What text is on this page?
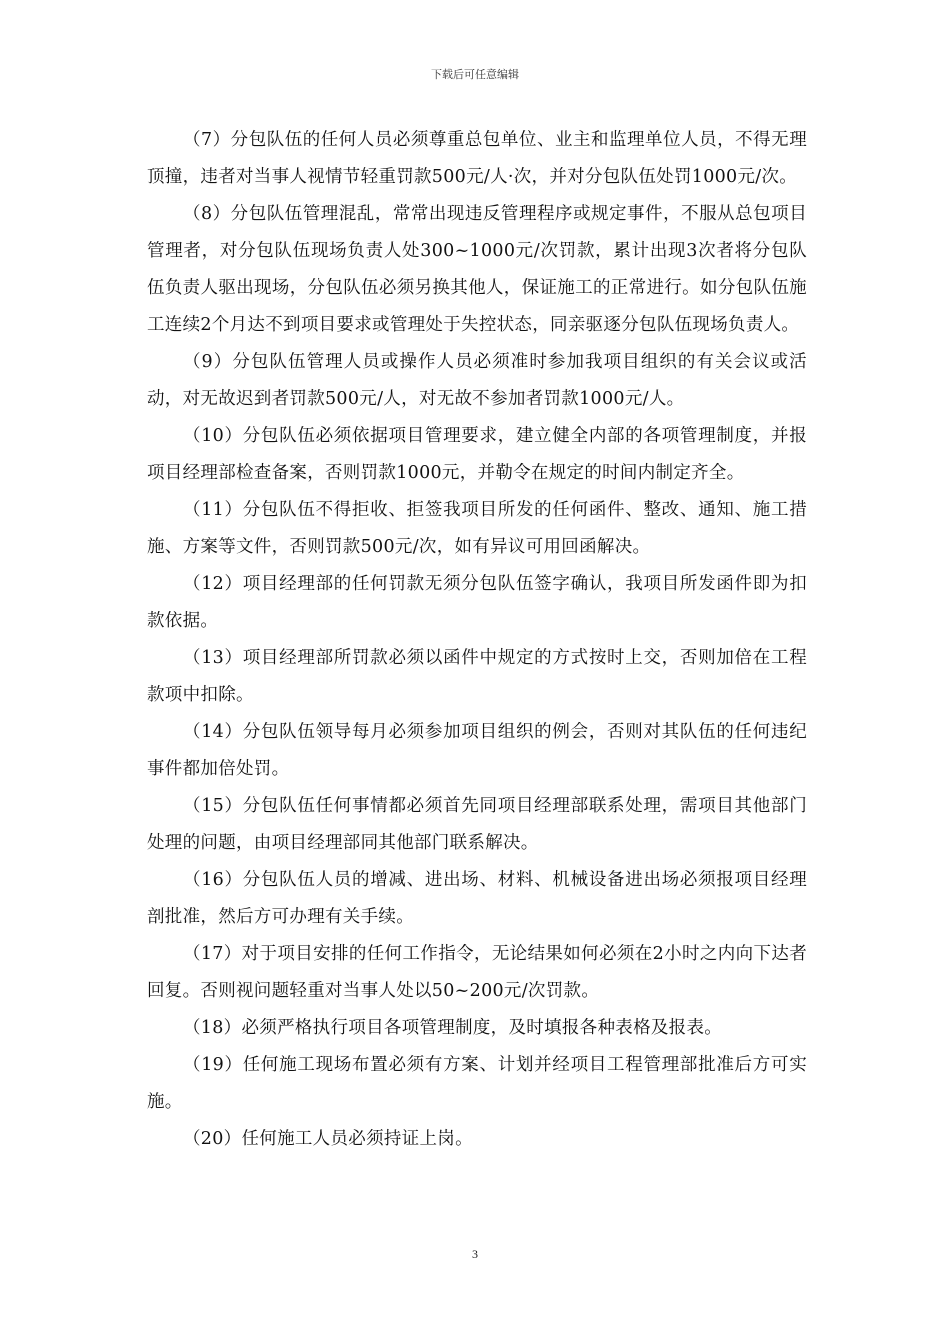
下载后可任意编辑

（7）分包队伍的任何人员必须尊重总包单位、业主和监理单位人员，不得无理顶撞，违者对当事人视情节轻重罚款500元/人·次，并对分包队伍处罚1000元/次。

（8）分包队伍管理混乱，常常出现违反管理程序或规定事件，不服从总包项目管理者，对分包队伍现场负责人处300~1000元/次罚款，累计出现3次者将分包队伍负责人驱出现场，分包队伍必须另换其他人，保证施工的正常进行。如分包队伍施工连续2个月达不到项目要求或管理处于失控状态，同亲驱逐分包队伍现场负责人。

（9）分包队伍管理人员或操作人员必须准时参加我项目组织的有关会议或活动，对无故迟到者罚款500元/人，对无故不参加者罚款1000元/人。

（10）分包队伍必须依据项目管理要求，建立健全内部的各项管理制度，并报项目经理部检查备案，否则罚款1000元，并勒令在规定的时间内制定齐全。

（11）分包队伍不得拒收、拒签我项目所发的任何函件、整改、通知、施工措施、方案等文件，否则罚款500元/次，如有异议可用回函解决。

（12）项目经理部的任何罚款无须分包队伍签字确认，我项目所发函件即为扣款依据。

（13）项目经理部所罚款必须以函件中规定的方式按时上交，否则加倍在工程款项中扣除。

（14）分包队伍领导每月必须参加项目组织的例会，否则对其队伍的任何违纪事件都加倍处罚。

（15）分包队伍任何事情都必须首先同项目经理部联系处理，需项目其他部门处理的问题，由项目经理部同其他部门联系解决。

（16）分包队伍人员的增减、进出场、材料、机械设备进出场必须报项目经理剖批准，然后方可办理有关手续。

（17）对于项目安排的任何工作指令，无论结果如何必须在2小时之内向下达者回复。否则视问题轻重对当事人处以50~200元/次罚款。

（18）必须严格执行项目各项管理制度，及时填报各种表格及报表。

（19）任何施工现场布置必须有方案、计划并经项目工程管理部批准后方可实施。

（20）任何施工人员必须持证上岗。

3
